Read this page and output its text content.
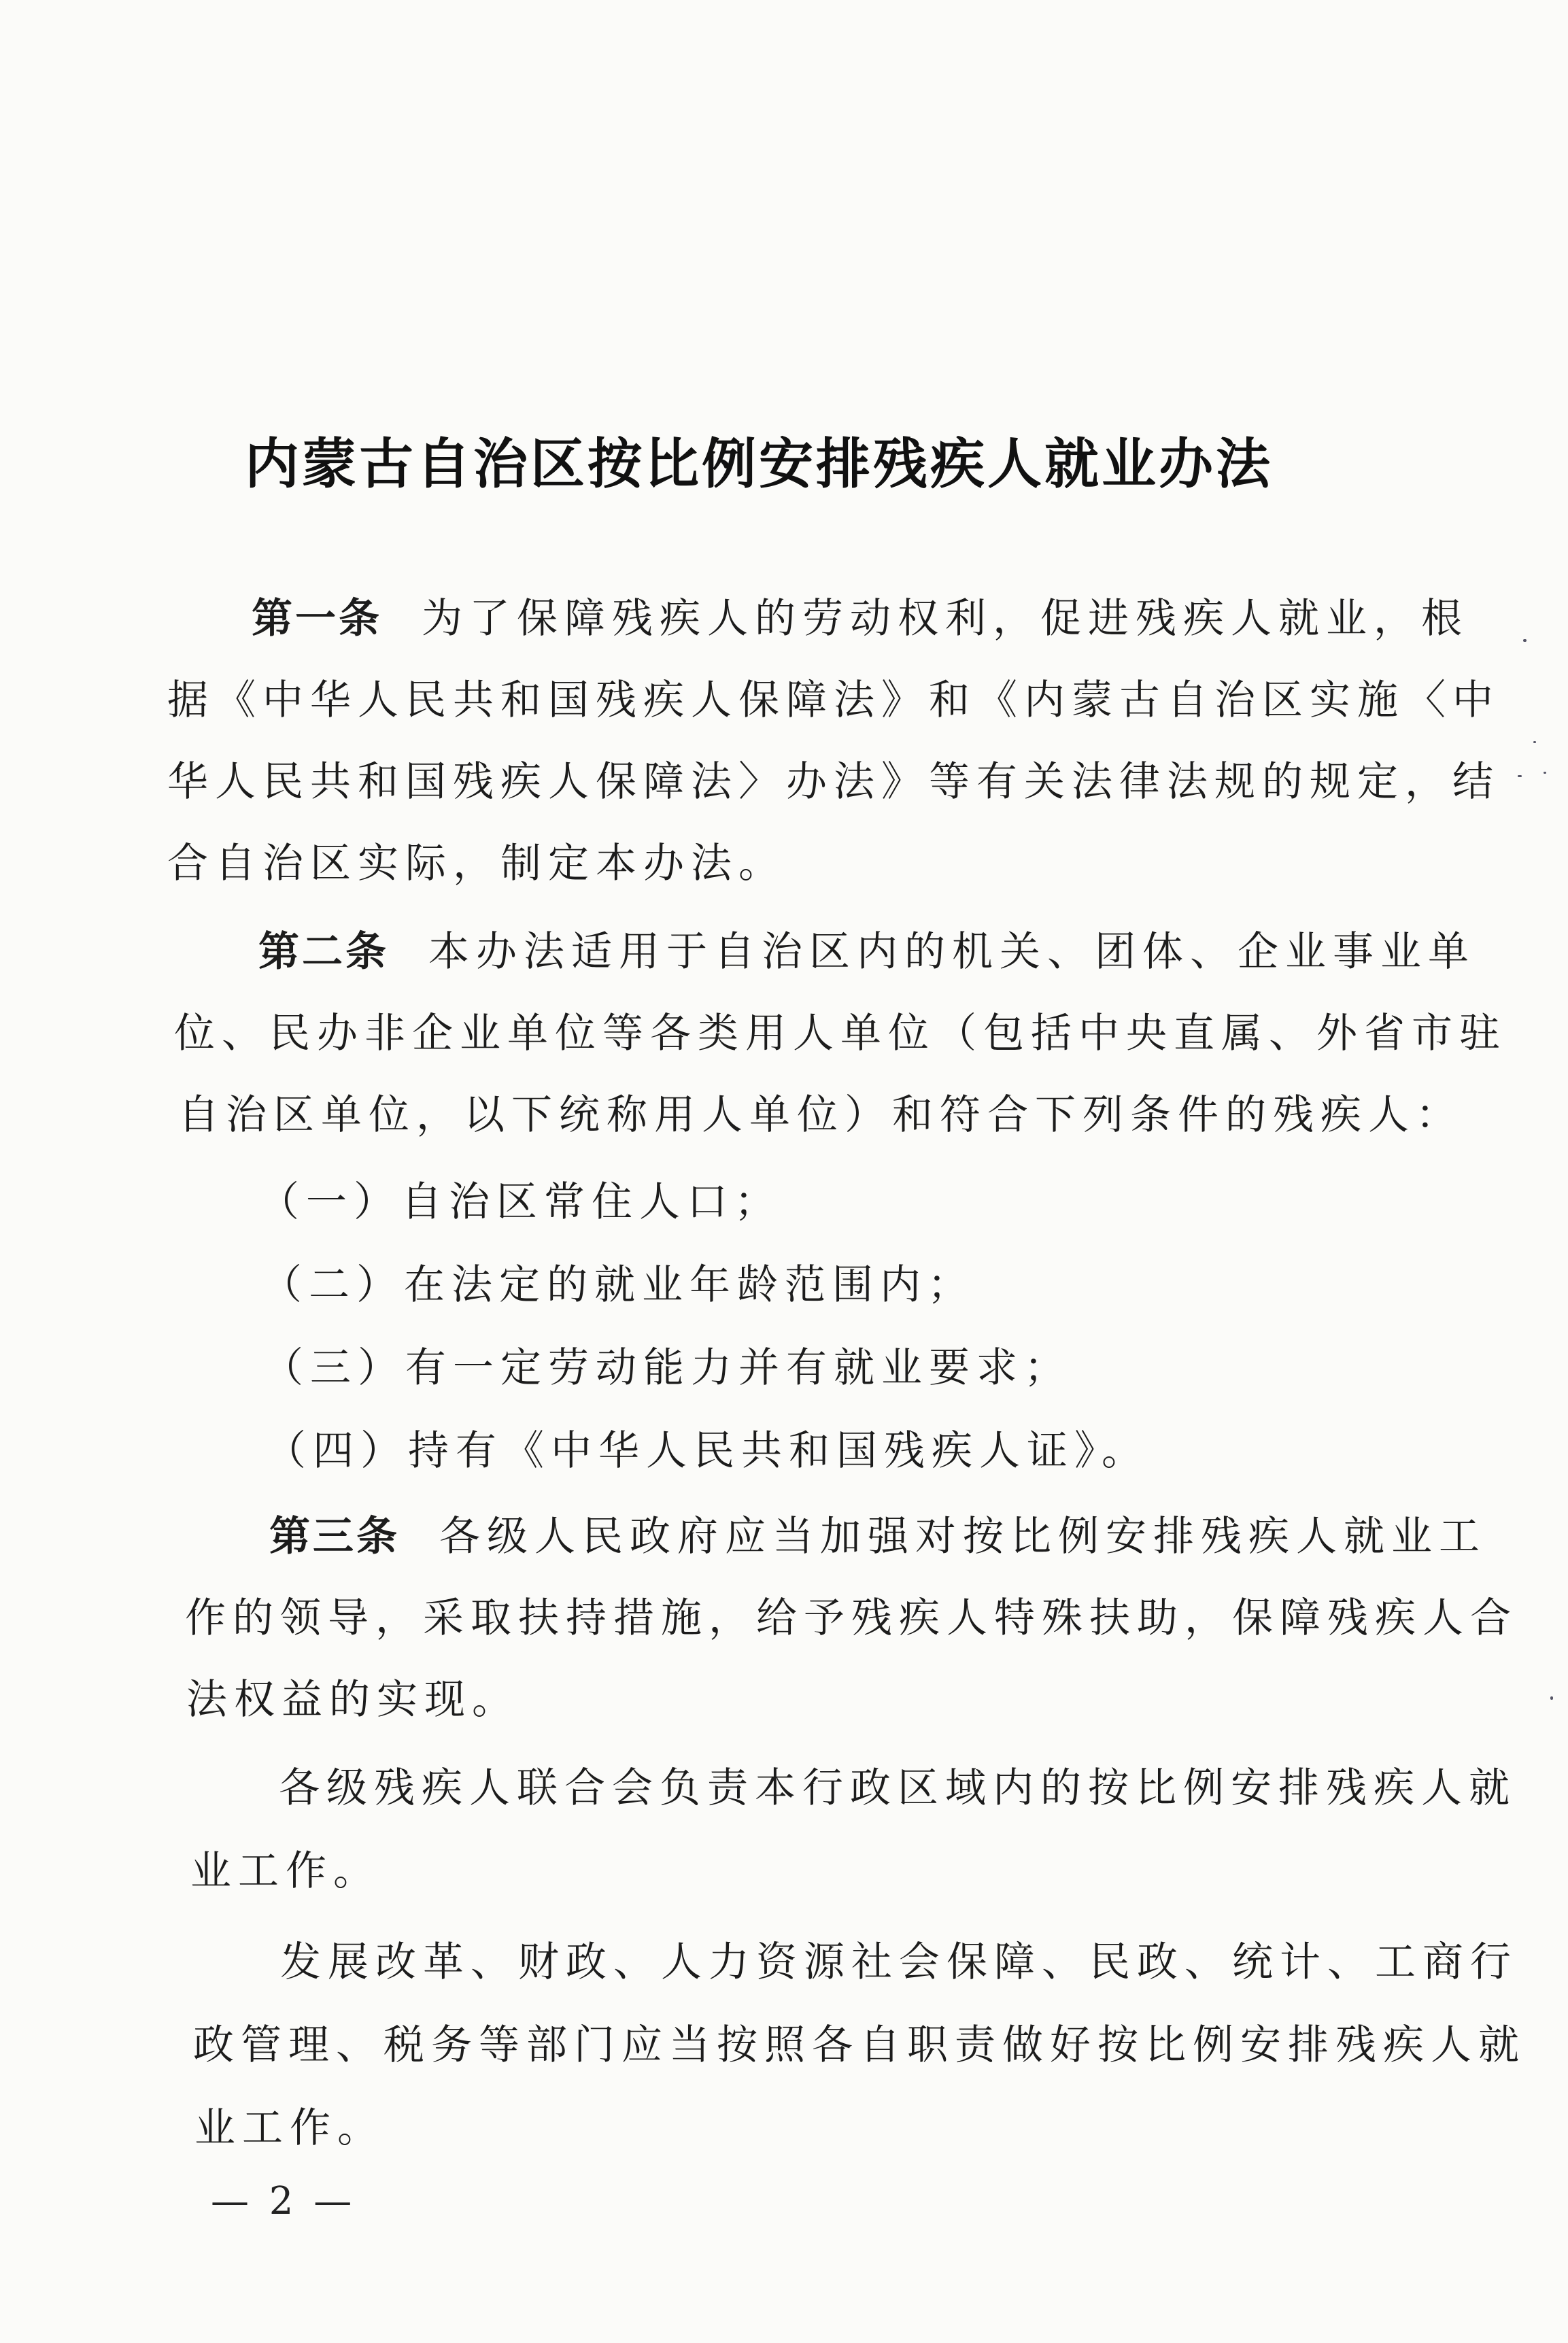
内蒙古自治区按比例安排残疾人就业办法
第一条 为了保障残疾人的劳动权利，促进残疾人就业，根
据《中华人民共和国残疾人保障法》和《内蒙古自治区实施〈中
华人民共和国残疾人保障法〉办法》等有关法律法规的规定，结
合自治区实际，制定本办法。
第二条 本办法适用于自治区内的机关、团体、企业事业单
位、民办非企业单位等各类用人单位（包括中央直属、外省市驻
自治区单位，以下统称用人单位）和符合下列条件的残疾人：
（一）自治区常住人口；
（二）在法定的就业年龄范围内；
（三）有一定劳动能力并有就业要求；
（四）持有《中华人民共和国残疾人证》。
第三条 各级人民政府应当加强对按比例安排残疾人就业工
作的领导，采取扶持措施，给予残疾人特殊扶助，保障残疾人合
法权益的实现。
各级残疾人联合会负责本行政区域内的按比例安排残疾人就
业工作。
发展改革、财政、人力资源社会保障、民政、统计、工商行
政管理、税务等部门应当按照各自职责做好按比例安排残疾人就
业工作。
— 2 —
